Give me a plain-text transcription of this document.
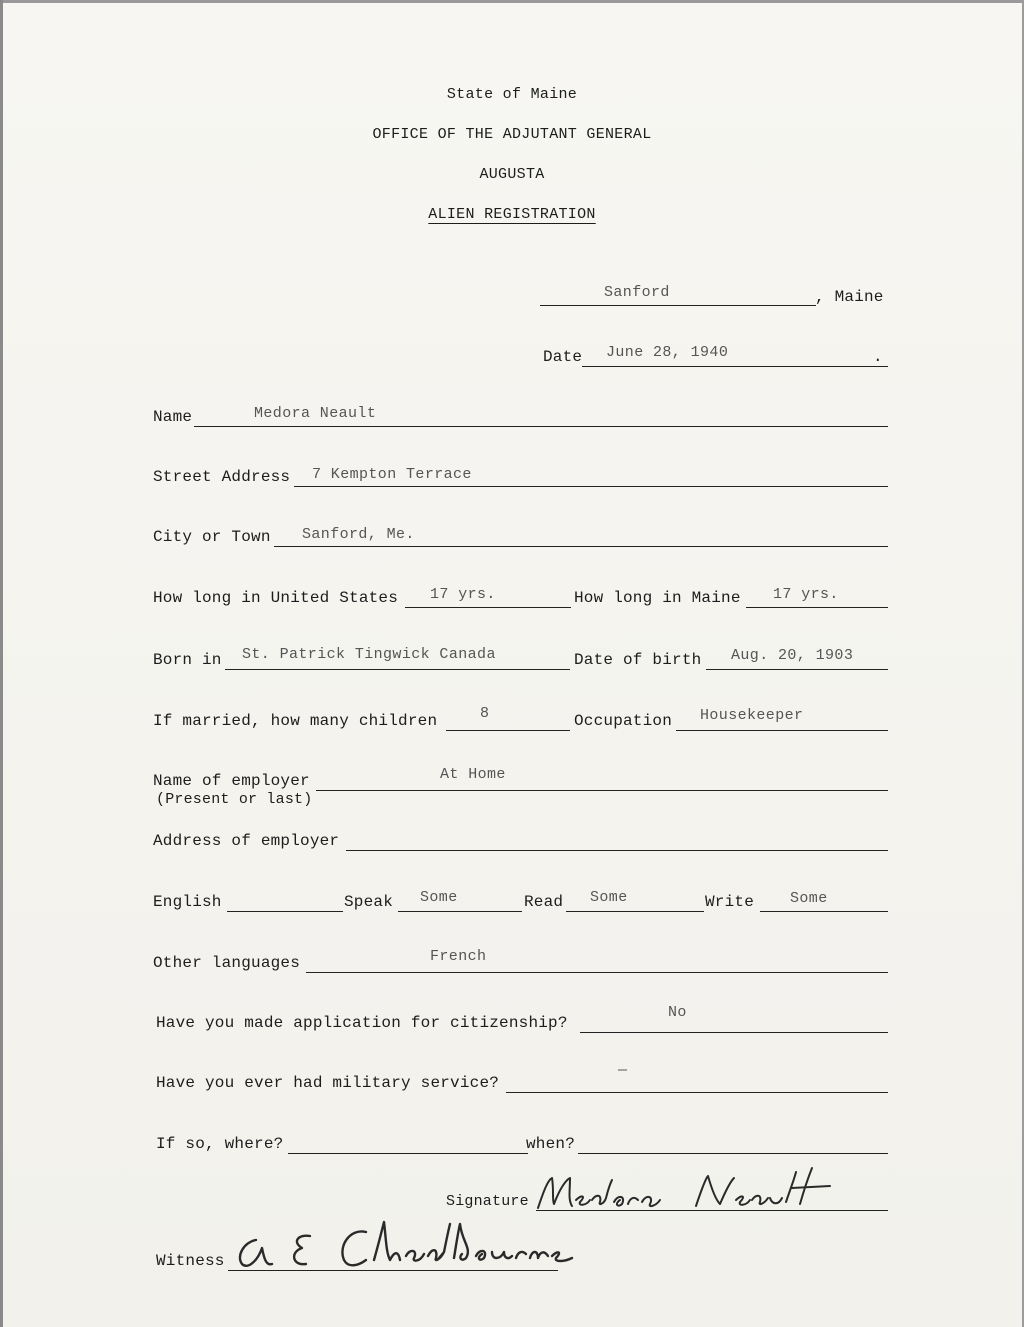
State of Maine
OFFICE OF THE ADJUTANT GENERAL
AUGUSTA
ALIEN REGISTRATION
Sanford	, Maine
Date June 28, 1940	.
Name	Medora Neault
Street Address 7 Kempton Terrace
City or Town Sanford, Me.
How long in United States 17 yrs.	How long in Maine 17 yrs.
Born in St. Patrick Tingwick Canada	Date of birth Aug. 20, 1903
If married, how many children	8	Occupation Housekeeper
Name of employer
(Present or last)
At Home
Address of employer
English	Speak Some	Read Some	Write Some
Other languages	French
Have you made application for citizenship?
No
Have you ever had military service?
—
If so, where?	when?
Signature
Witness
